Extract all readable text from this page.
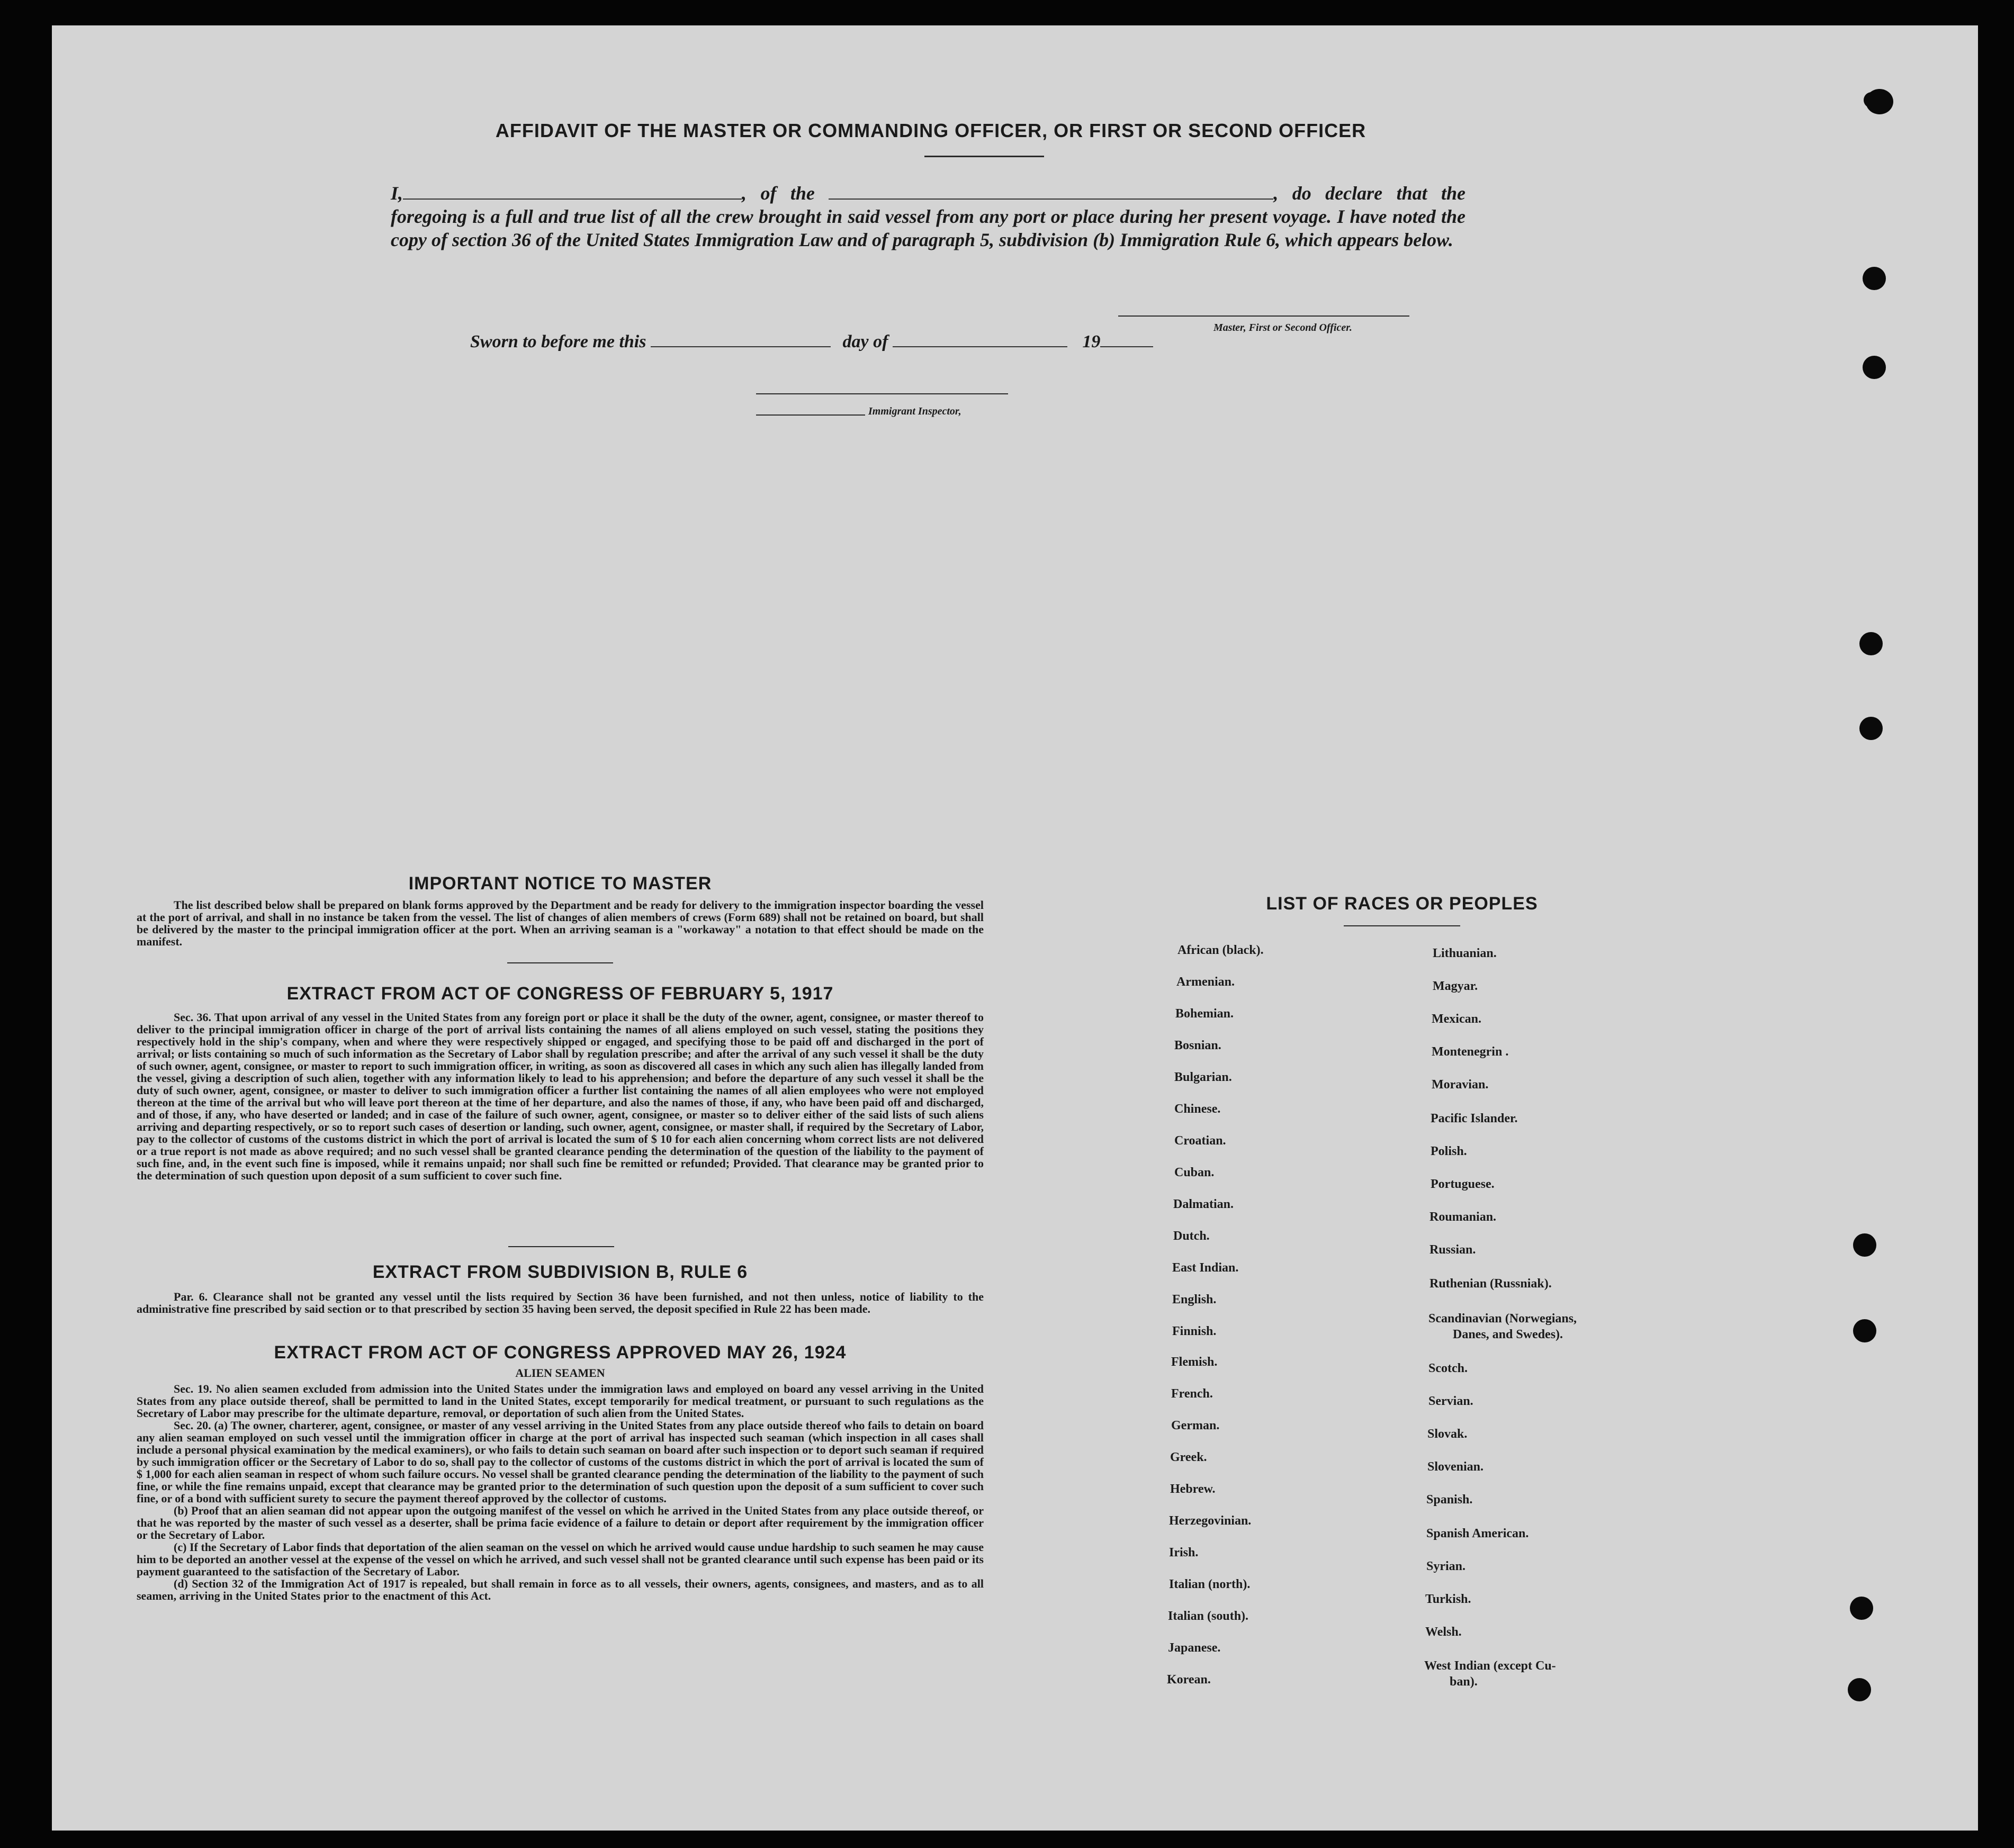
AFFIDAVIT OF THE MASTER OR COMMANDING OFFICER, OR FIRST OR SECOND OFFICER
I,	, of the	, do declare that the foregoing is a full and true list of all the crew brought in said vessel from any port or place during her present voyage. I have noted the copy of section 36 of the United States Immigration Law and of paragraph 5, subdivision (b) Immigration Rule 6, which appears below.
Master, First or Second Officer.
Sworn to before me this	day of	19
Immigrant Inspector,
IMPORTANT NOTICE TO MASTER

The list described below shall be prepared on blank forms approved by the Department and be ready for delivery to the immigration inspector boarding the vessel at the port of arrival, and shall in no instance be taken from the vessel. The list of changes of alien members of crews (Form 689) shall not be retained on board, but shall be delivered by the master to the principal immigration officer at the port. When an arriving seaman is a "workaway" a notation to that effect should be made on the manifest.

EXTRACT FROM ACT OF CONGRESS OF FEBRUARY 5, 1917

Sec. 36. That upon arrival of any vessel in the United States from any foreign port or place it shall be the duty of the owner, agent, consignee, or master thereof to deliver to the principal immigration officer in charge of the port of arrival lists containing the names of all aliens employed on such vessel, stating the positions they respectively hold in the ship's company, when and where they were respectively shipped or engaged, and specifying those to be paid off and discharged in the port of arrival; or lists containing so much of such information as the Secretary of Labor shall by regulation prescribe; and after the arrival of any such vessel it shall be the duty of such owner, agent, consignee, or master to report to such immigration officer, in writing, as soon as discovered all cases in which any such alien has illegally landed from the vessel, giving a description of such alien, together with any information likely to lead to his apprehension; and before the departure of any such vessel it shall be the duty of such owner, agent, consignee, or master to deliver to such immigration officer a further list containing the names of all alien employees who were not employed thereon at the time of the arrival but who will leave port thereon at the time of her departure, and also the names of those, if any, who have been paid off and discharged, and of those, if any, who have deserted or landed; and in case of the failure of such owner, agent, consignee, or master so to deliver either of the said lists of such aliens arriving and departing respectively, or so to report such cases of desertion or landing, such owner, agent, consignee, or master shall, if required by the Secretary of Labor, pay to the collector of customs of the customs district in which the port of arrival is located the sum of $ 10 for each alien concerning whom correct lists are not delivered or a true report is not made as above required; and no such vessel shall be granted clearance pending the determination of the question of the liability to the payment of such fine, and, in the event such fine is imposed, while it remains unpaid; nor shall such fine be remitted or refunded; Provided. That clearance may be granted prior to the determination of such question upon deposit of a sum sufficient to cover such fine.

EXTRACT FROM SUBDIVISION B, RULE 6

Par. 6. Clearance shall not be granted any vessel until the lists required by Section 36 have been furnished, and not then unless, notice of liability to the administrative fine prescribed by said section or to that prescribed by section 35 having been served, the deposit specified in Rule 22 has been made.

EXTRACT FROM ACT OF CONGRESS APPROVED MAY 26, 1924
ALIEN SEAMEN

Sec. 19. No alien seamen excluded from admission into the United States under the immigration laws and employed on board any vessel arriving in the United States from any place outside thereof, shall be permitted to land in the United States, except temporarily for medical treatment, or pursuant to such regulations as the Secretary of Labor may prescribe for the ultimate departure, removal, or deportation of such alien from the United States.

Sec. 20. (a) The owner, charterer, agent, consignee, or master of any vessel arriving in the United States from any place outside thereof who fails to detain on board any alien seaman employed on such vessel until the immigration officer in charge at the port of arrival has inspected such seaman (which inspection in all cases shall include a personal physical examination by the medical examiners), or who fails to detain such seaman on board after such inspection or to deport such seaman if required by such immigration officer or the Secretary of Labor to do so, shall pay to the collector of customs of the customs district in which the port of arrival is located the sum of $ 1,000 for each alien seaman in respect of whom such failure occurs. No vessel shall be granted clearance pending the determination of the liability to the payment of such fine, or while the fine remains unpaid, except that clearance may be granted prior to the determination of such question upon the deposit of a sum sufficient to cover such fine, or of a bond with sufficient surety to secure the payment thereof approved by the collector of customs.

(b) Proof that an alien seaman did not appear upon the outgoing manifest of the vessel on which he arrived in the United States from any place outside thereof, or that he was reported by the master of such vessel as a deserter, shall be prima facie evidence of a failure to detain or deport after requirement by the immigration officer or the Secretary of Labor.

(c) If the Secretary of Labor finds that deportation of the alien seaman on the vessel on which he arrived would cause undue hardship to such seamen he may cause him to be deported an another vessel at the expense of the vessel on which he arrived, and such vessel shall not be granted clearance until such expense has been paid or its payment guaranteed to the satisfaction of the Secretary of Labor.

(d) Section 32 of the Immigration Act of 1917 is repealed, but shall remain in force as to all vessels, their owners, agents, consignees, and masters, and as to all seamen, arriving in the United States prior to the enactment of this Act.

LIST OF RACES OR PEOPLES
African (black).
Armenian.
Bohemian.
Bosnian.
Bulgarian.
Chinese.
Croatian.
Cuban.
Dalmatian.
Dutch.
East Indian.
English.
Finnish.
Flemish.
French.
German.
Greek.
Hebrew.
Herzegovinian.
Irish.
Italian (north).
Italian (south).
Japanese.
Korean.
Lithuanian.
Magyar.
Mexican.
Montenegrin .
Moravian.
Pacific Islander.
Polish.
Portuguese.
Roumanian.
Russian.
Ruthenian (Russniak).
Scandinavian (Norwegians,
Danes, and Swedes).
Scotch.
Servian.
Slovak.
Slovenian.
Spanish.
Spanish American.
Syrian.
Turkish.
Welsh.
West Indian (except Cu-
ban).
